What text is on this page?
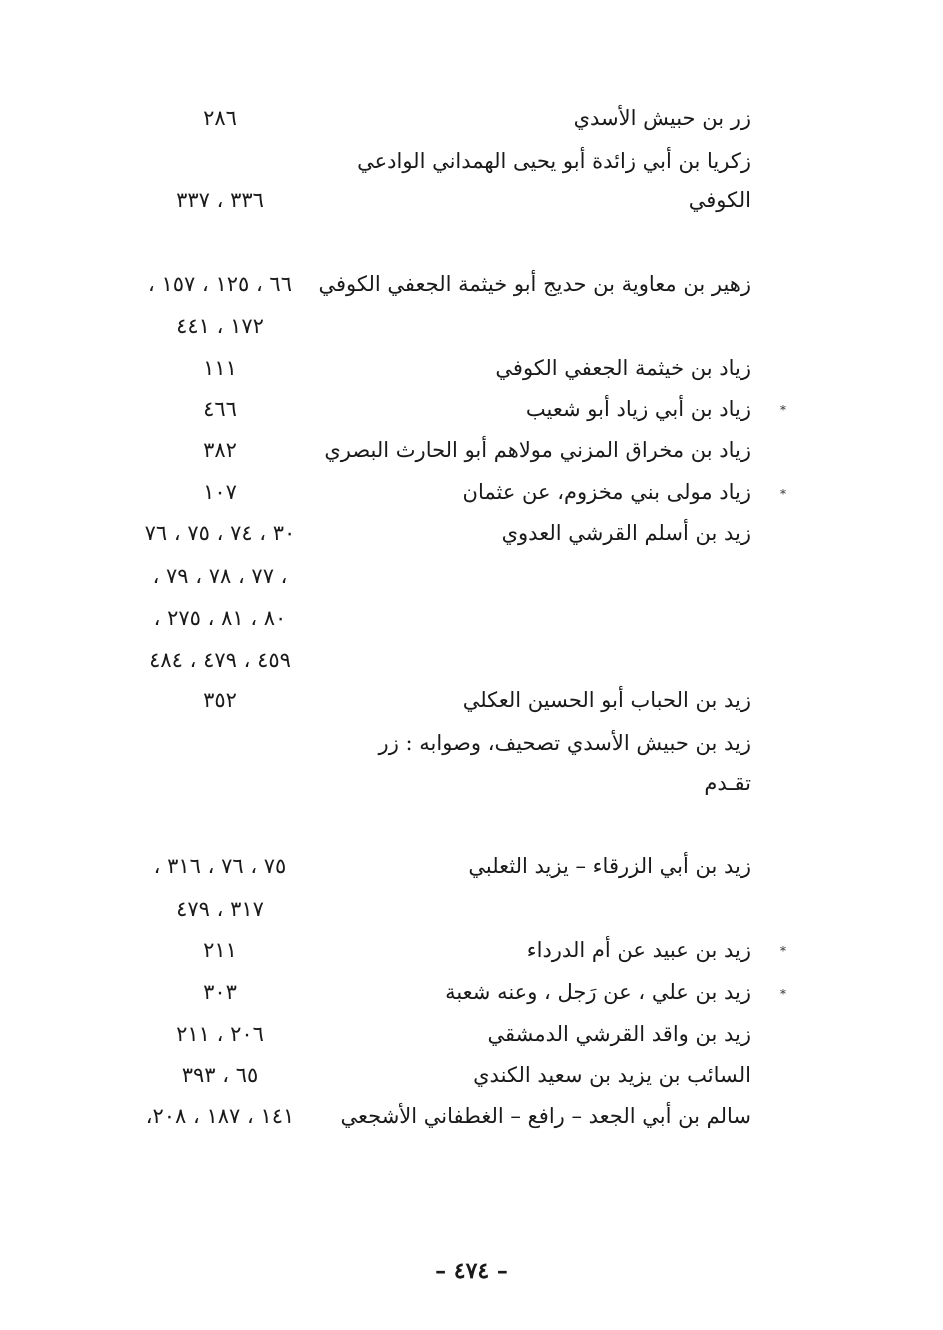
زر بن حبيش الأسدي
٢٨٦
زكريا بن أبي زائدة أبو يحيى الهمداني الوادعي
الكوفي
٣٣٦ ، ٣٣٧
زهير بن معاوية بن حديج أبو خيثمة الجعفي الكوفي
٦٦ ، ١٢٥ ، ١٥٧ ،
١٧٢ ، ٤٤١
زياد بن خيثمة الجعفي الكوفي
١١١
*
زياد بن أبي زياد أبو شعيب
٤٦٦
زياد بن مخراق المزني مولاهم أبو الحارث البصري
٣٨٢
*
زياد مولى بني مخزوم، عن عثمان
١٠٧
زيد بن أسلم القرشي العدوي
٣٠ ، ٧٤ ، ٧٥ ، ٧٦
، ٧٧ ، ٧٨ ، ٧٩ ،
٨٠ ، ٨١ ، ٢٧٥ ،
٤٥٩ ، ٤٧٩ ، ٤٨٤
زيد بن الحباب أبو الحسين العكلي
٣٥٢
زيد بن حبيش الأسدي تصحيف، وصوابه : زر
تقـدم
زيد بن أبي الزرقاء – يزيد الثعلبي
٧٥ ، ٧٦ ، ٣١٦ ،
٣١٧ ، ٤٧٩
*
زيد بن عبيد عن أم الدرداء
٢١١
*
زيد بن علي ، عن رَجل ، وعنه شعبة
٣٠٣
زيد بن واقد القرشي الدمشقي
٢٠٦ ، ٢١١
السائب بن يزيد بن سعيد الكندي
٦٥ ، ٣٩٣
سالم بن أبي الجعد – رافع – الغطفاني الأشجعي
١٤١ ، ١٨٧ ، ٢٠٨،
– ٤٧٤ –
